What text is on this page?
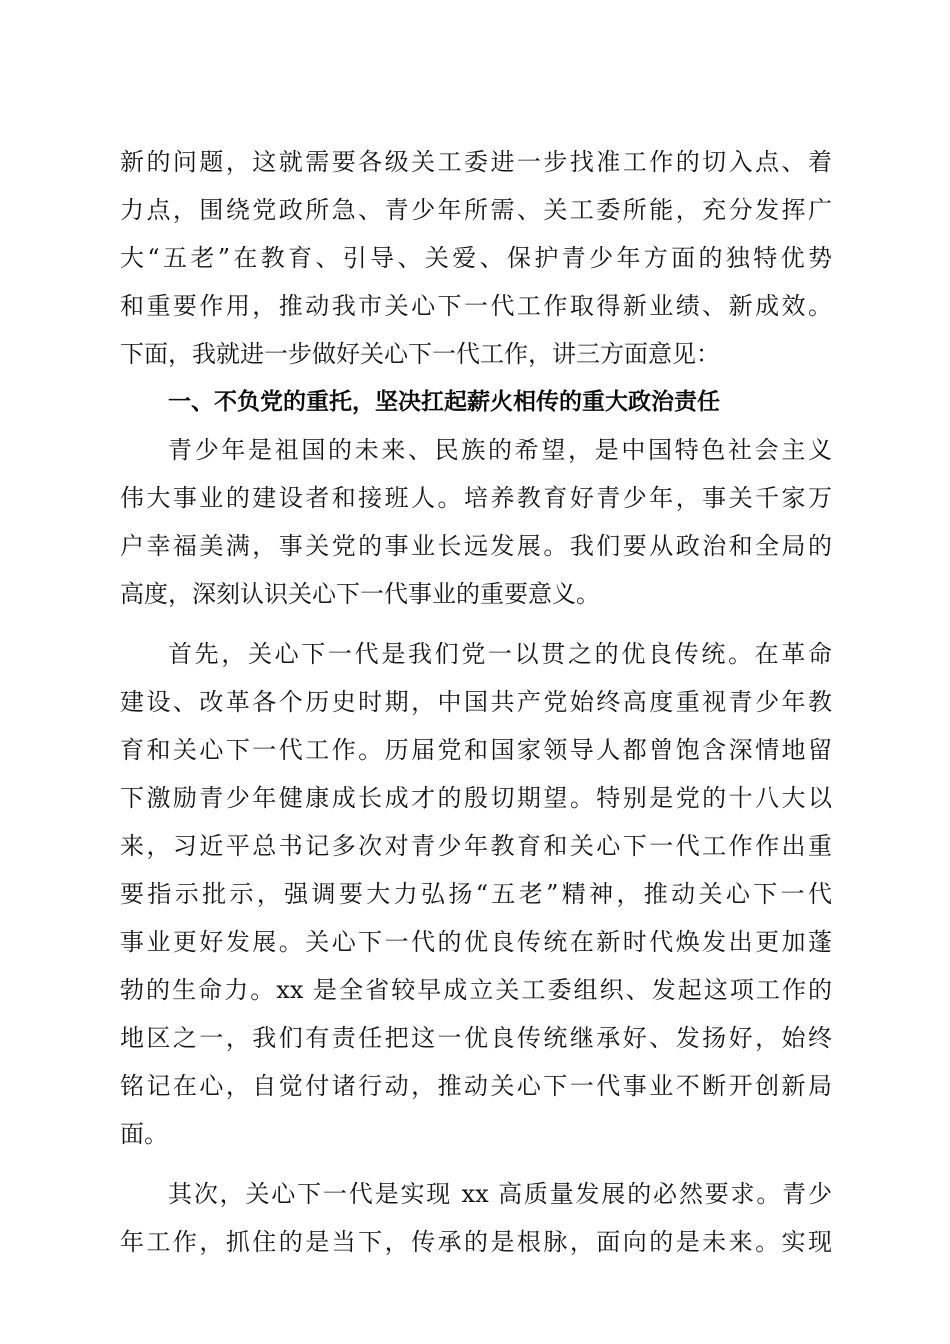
新的问题，这就需要各级关工委进一步找准工作的切入点、着
力点，围绕党政所急、青少年所需、关工委所能，充分发挥广
大“五老”在教育、引导、关爱、保护青少年方面的独特优势
和重要作用，推动我市关心下一代工作取得新业绩、新成效。
下面，我就进一步做好关心下一代工作，讲三方面意见：
一、不负党的重托，坚决扛起薪火相传的重大政治责任
青少年是祖国的未来、民族的希望，是中国特色社会主义
伟大事业的建设者和接班人。培养教育好青少年，事关千家万
户幸福美满，事关党的事业长远发展。我们要从政治和全局的
高度，深刻认识关心下一代事业的重要意义。
首先，关心下一代是我们党一以贯之的优良传统。在革命
建设、改革各个历史时期，中国共产党始终高度重视青少年教
育和关心下一代工作。历届党和国家领导人都曾饱含深情地留
下激励青少年健康成长成才的殷切期望。特别是党的十八大以
来，习近平总书记多次对青少年教育和关心下一代工作作出重
要指示批示，强调要大力弘扬“五老”精神，推动关心下一代
事业更好发展。关心下一代的优良传统在新时代焕发出更加蓬
勃的生命力。xx 是全省较早成立关工委组织、发起这项工作的
地区之一，我们有责任把这一优良传统继承好、发扬好，始终
铭记在心，自觉付诸行动，推动关心下一代事业不断开创新局
面。
其次，关心下一代是实现 xx 高质量发展的必然要求。青少
年工作，抓住的是当下，传承的是根脉，面向的是未来。实现
